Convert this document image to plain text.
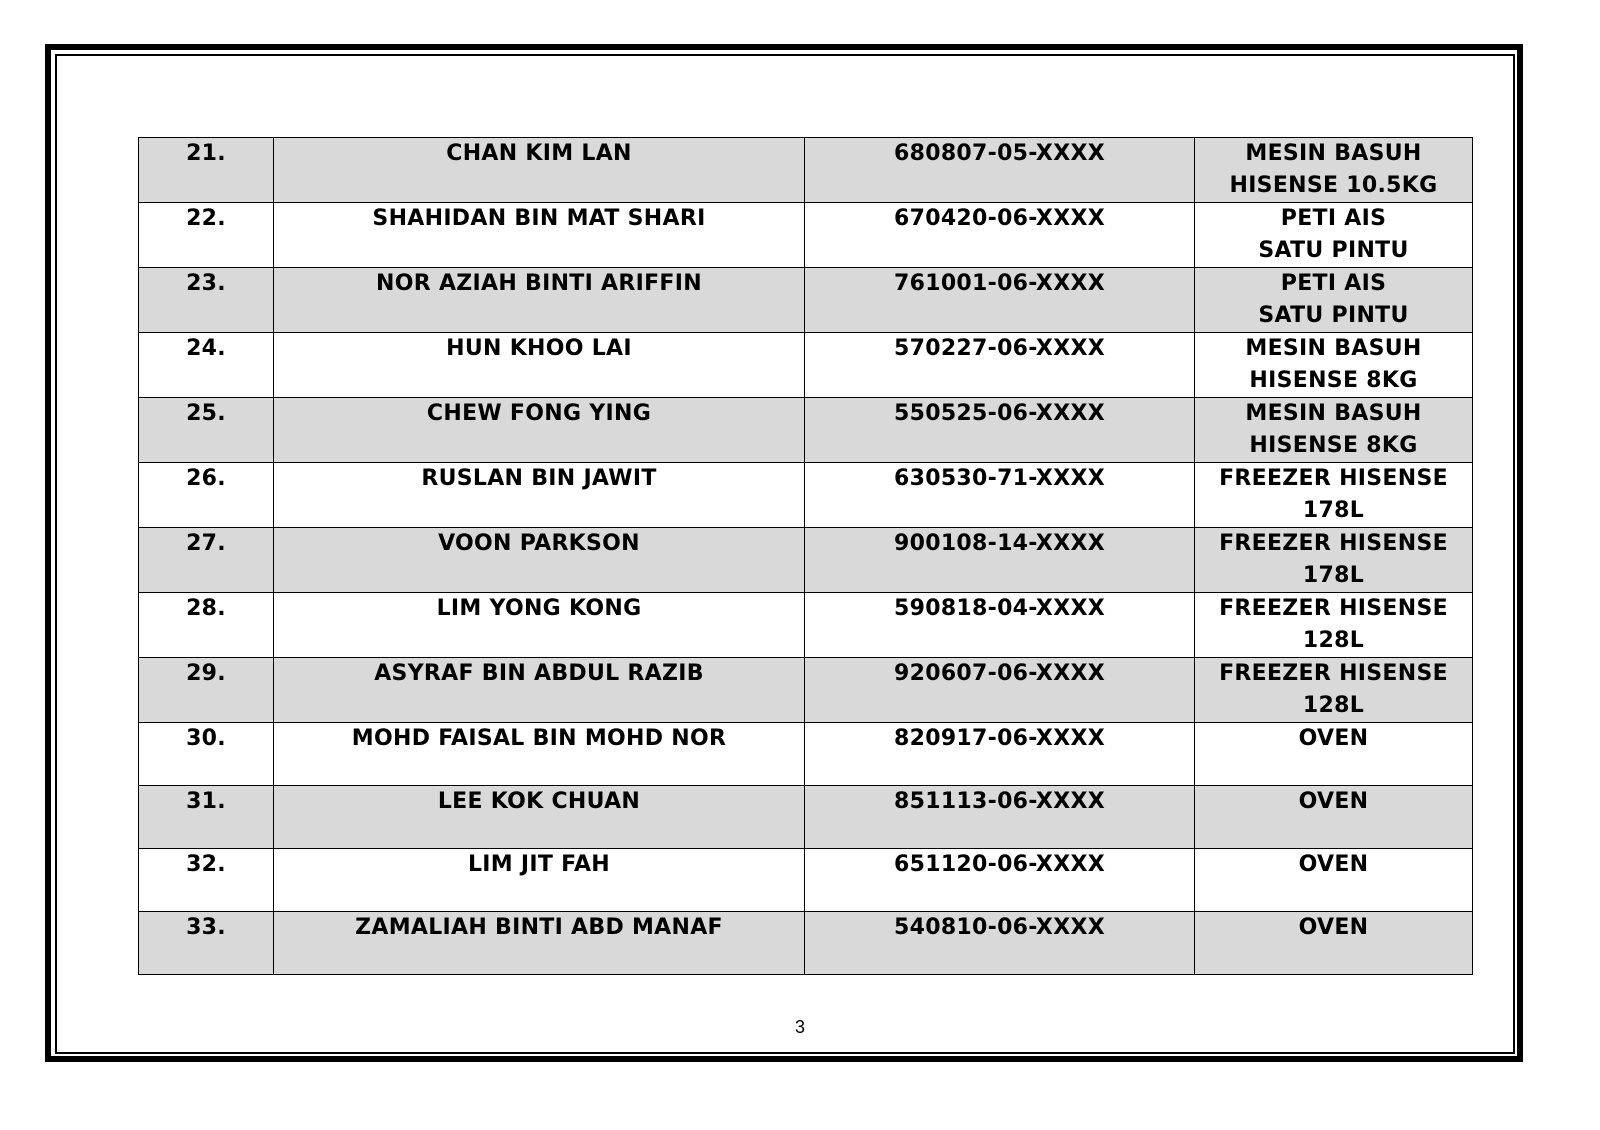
21.	CHAN KIM LAN	680807-05-XXXX	MESIN BASUH
HISENSE 10.5KG

22.	SHAHIDAN BIN MAT SHARI	670420-06-XXXX	PETI AIS
SATU PINTU

23.	NOR AZIAH BINTI ARIFFIN	761001-06-XXXX	PETI AIS
SATU PINTU

24.	HUN KHOO LAI	570227-06-XXXX	MESIN BASUH
HISENSE 8KG

25.	CHEW FONG YING	550525-06-XXXX	MESIN BASUH
HISENSE 8KG

26.	RUSLAN BIN JAWIT	630530-71-XXXX	FREEZER HISENSE
178L

27.	VOON PARKSON	900108-14-XXXX	FREEZER HISENSE
178L

28.	LIM YONG KONG	590818-04-XXXX	FREEZER HISENSE
128L

29.	ASYRAF BIN ABDUL RAZIB	920607-06-XXXX	FREEZER HISENSE
128L

30.	MOHD FAISAL BIN MOHD NOR	820917-06-XXXX	OVEN

31.	LEE KOK CHUAN	851113-06-XXXX	OVEN

32.	LIM JIT FAH	651120-06-XXXX	OVEN

33.	ZAMALIAH BINTI ABD MANAF	540810-06-XXXX	OVEN
3
